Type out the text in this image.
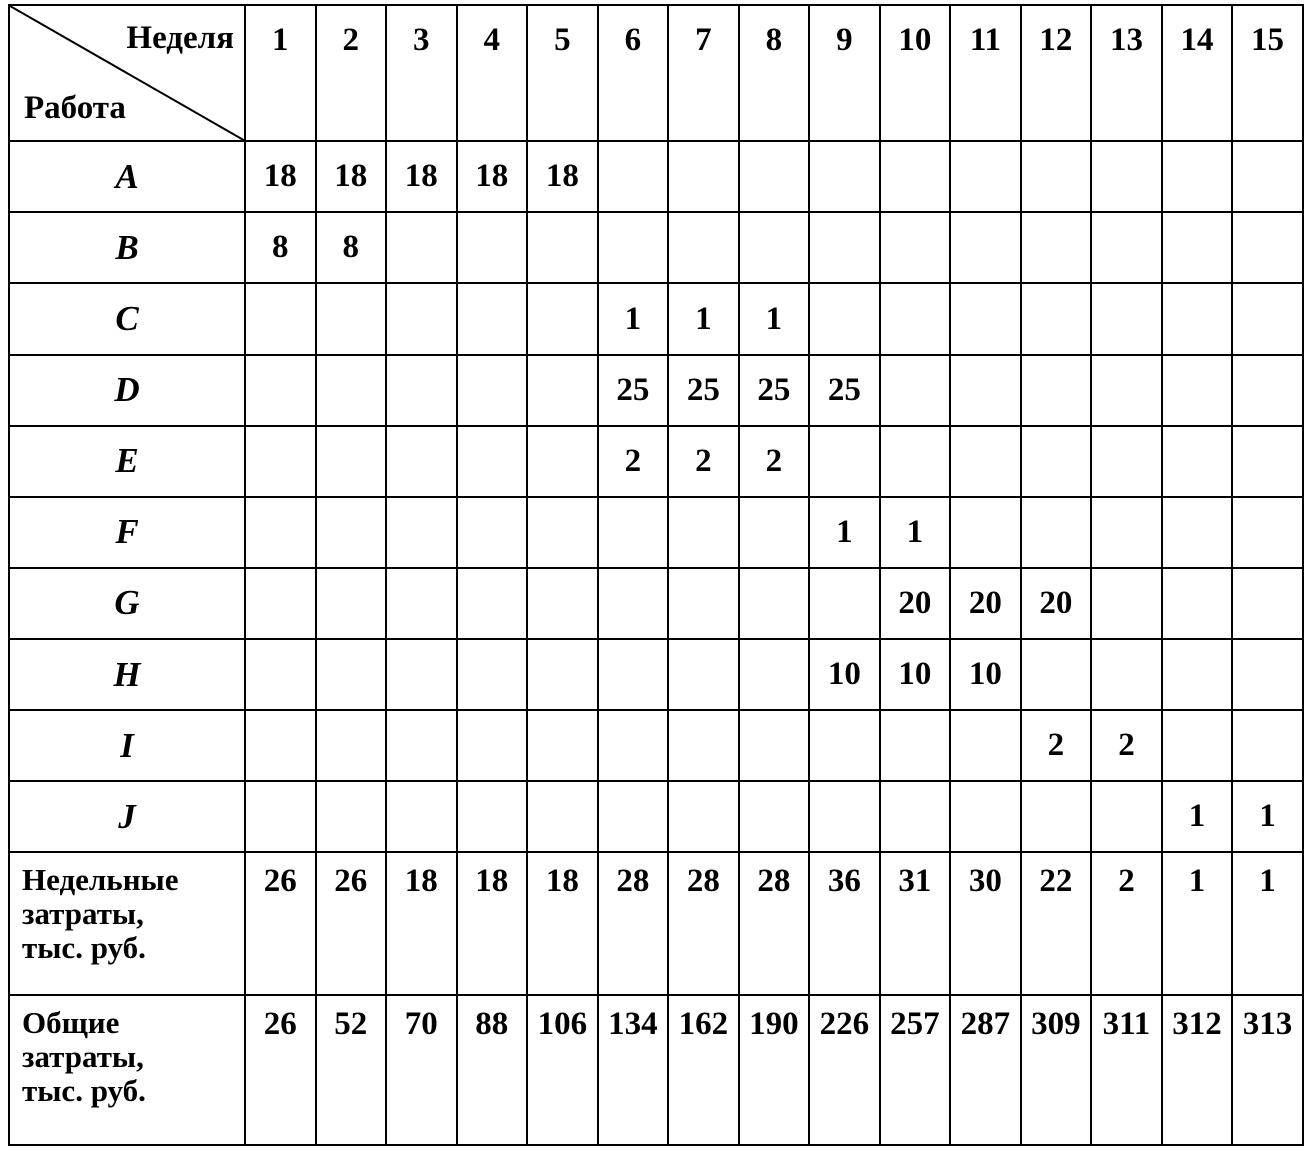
Неделя
Работа	1	2	3	4	5	6	7	8	9	10	11	12	13	14	15
A	18	18	18	18	18										
B	8	8													
C						1	1	1							
D						25	25	25	25						
E						2	2	2							
F									1	1					
G										20	20	20			
H									10	10	10				
I												2	2		
J														1	1
Недельные
затраты,
тыс. руб.	26	26	18	18	18	28	28	28	36	31	30	22	2	1	1
Общие
затраты,
тыс. руб.	26	52	70	88	106	134	162	190	226	257	287	309	311	312	313
